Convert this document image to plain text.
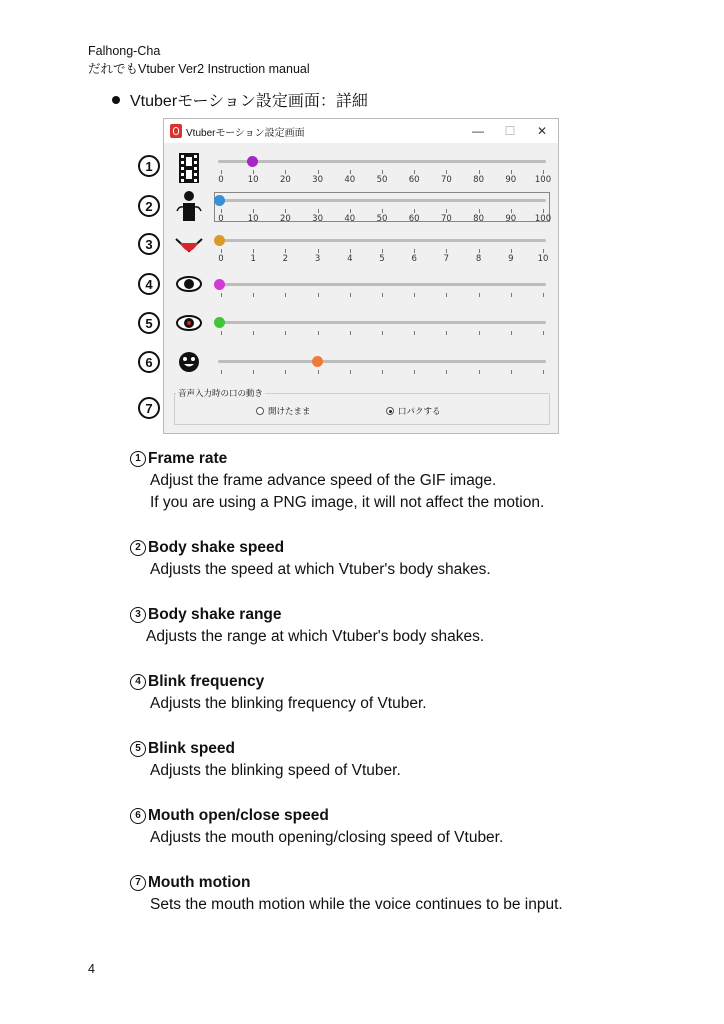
Falhong-Cha
だれでもVtuber Ver2 Instruction manual
Vtuberモーション設定画面：詳細
1
2
3
4
5
6
7
Vtuberモーション設定画面	—	☐	✕
0	10	20	30	40	50	60	70	80	90 100
0	10	20	30	40	50	60	70	80	90 100
0	1	2	3	4	5	6	7	8	9	10
音声入力時の口の動き
開けたまま	口パクする
1 Frame rate
Adjust the frame advance speed of the GIF image.
If you are using a PNG image, it will not affect the motion.
2 Body shake speed
Adjusts the speed at which Vtuber's body shakes.
3 Body shake range
Adjusts the range at which Vtuber's body shakes.
4 Blink frequency
Adjusts the blinking frequency of Vtuber.
5 Blink speed
Adjusts the blinking speed of Vtuber.
6 Mouth open/close speed
Adjusts the mouth opening/closing speed of Vtuber.
7 Mouth motion
Sets the mouth motion while the voice continues to be input.
4
